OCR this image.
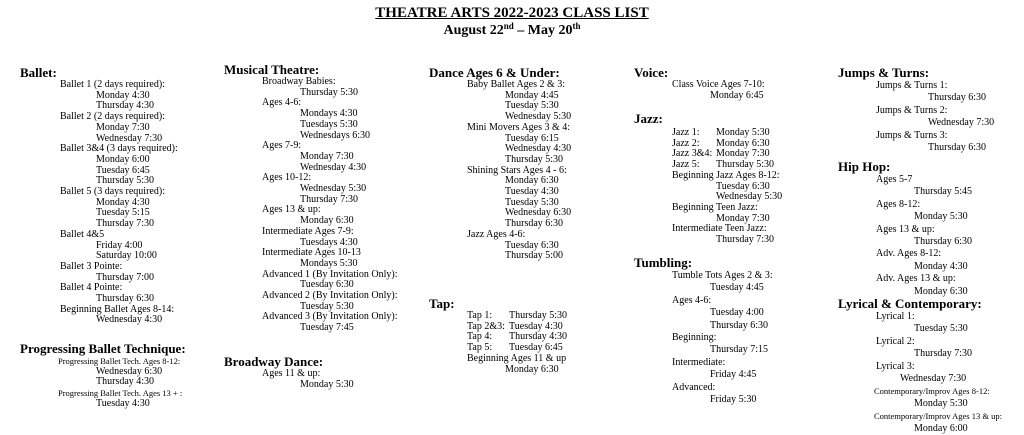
THEATRE ARTS 2022-2023 CLASS LIST
August 22nd – May 20th
Ballet:
Ballet 1 (2 days required):
Monday 4:30
Thursday 4:30
Ballet 2 (2 days required):
Monday 7:30
Wednesday 7:30
Ballet 3&4 (3 days required):
Monday 6:00
Tuesday 6:45
Thursday 5:30
Ballet 5 (3 days required):
Monday 4:30
Tuesday 5:15
Thursday 7:30
Ballet 4&5
Friday 4:00
Saturday 10:00
Ballet 3 Pointe:
Thursday 7:00
Ballet 4 Pointe:
Thursday 6:30
Beginning Ballet Ages 8-14:
Wednesday 4:30
Progressing Ballet Technique:
Progressing Ballet Tech. Ages 8-12:
Wednesday 6:30
Thursday 4:30
Progressing Ballet Tech. Ages 13 + :
Tuesday 4:30
Musical Theatre:
Broadway Babies:
Thursday 5:30
Ages 4-6:
Mondays 4:30
Tuesdays 5:30
Wednesdays 6:30
Ages 7-9:
Monday 7:30
Wednesday 4:30
Ages 10-12:
Wednesday 5:30
Thursday 7:30
Ages 13 & up:
Monday 6:30
Intermediate Ages 7-9:
Tuesdays 4:30
Intermediate Ages 10-13
Mondays 5:30
Advanced 1 (By Invitation Only):
Tuesday 6:30
Advanced 2 (By Invitation Only):
Tuesday 5:30
Advanced 3 (By Invitation Only):
Tuesday 7:45
Broadway Dance:
Ages 11 & up:
Monday 5:30
Dance Ages 6 & Under:
Baby Ballet Ages 2 & 3:
Monday 4:45
Tuesday 5:30
Wednesday 5:30
Mini Movers Ages 3 & 4:
Tuesday 6:15
Wednesday 4:30
Thursday 5:30
Shining Stars Ages 4 - 6:
Monday 6:30
Tuesday 4:30
Tuesday 5:30
Wednesday 6:30
Thursday 6:30
Jazz Ages 4-6:
Tuesday 6:30
Thursday 5:00
Tap:
Tap 1: Thursday 5:30
Tap 2&3: Tuesday 4:30
Tap 4: Thursday 4:30
Tap 5: Tuesday 6:45
Beginning Ages 11 & up
Monday 6:30
Voice:
Class Voice Ages 7-10:
Monday 6:45
Jazz:
Jazz 1: Monday 5:30
Jazz 2: Monday 6:30
Jazz 3&4: Monday 7:30
Jazz 5: Thursday 5:30
Beginning Jazz Ages 8-12:
Tuesday 6:30
Wednesday 5:30
Beginning Teen Jazz:
Monday 7:30
Intermediate Teen Jazz:
Thursday 7:30
Tumbling:
Tumble Tots Ages 2 & 3:
Tuesday 4:45
Ages 4-6:
Tuesday 4:00
Thursday 6:30
Beginning:
Thursday 7:15
Intermediate:
Friday 4:45
Advanced:
Friday 5:30
Jumps & Turns:
Jumps & Turns 1:
Thursday 6:30
Jumps & Turns 2:
Wednesday 7:30
Jumps & Turns 3:
Thursday 6:30
Hip Hop:
Ages 5-7
Thursday 5:45
Ages 8-12:
Monday 5:30
Ages 13 & up:
Thursday 6:30
Adv. Ages 8-12:
Monday 4:30
Adv. Ages 13 & up:
Monday 6:30
Lyrical & Contemporary:
Lyrical 1:
Tuesday 5:30
Lyrical 2:
Thursday 7:30
Lyrical 3:
Wednesday 7:30
Contemporary/Improv Ages 8-12:
Monday 5:30
Contemporary/Improv Ages 13 & up:
Monday 6:00
